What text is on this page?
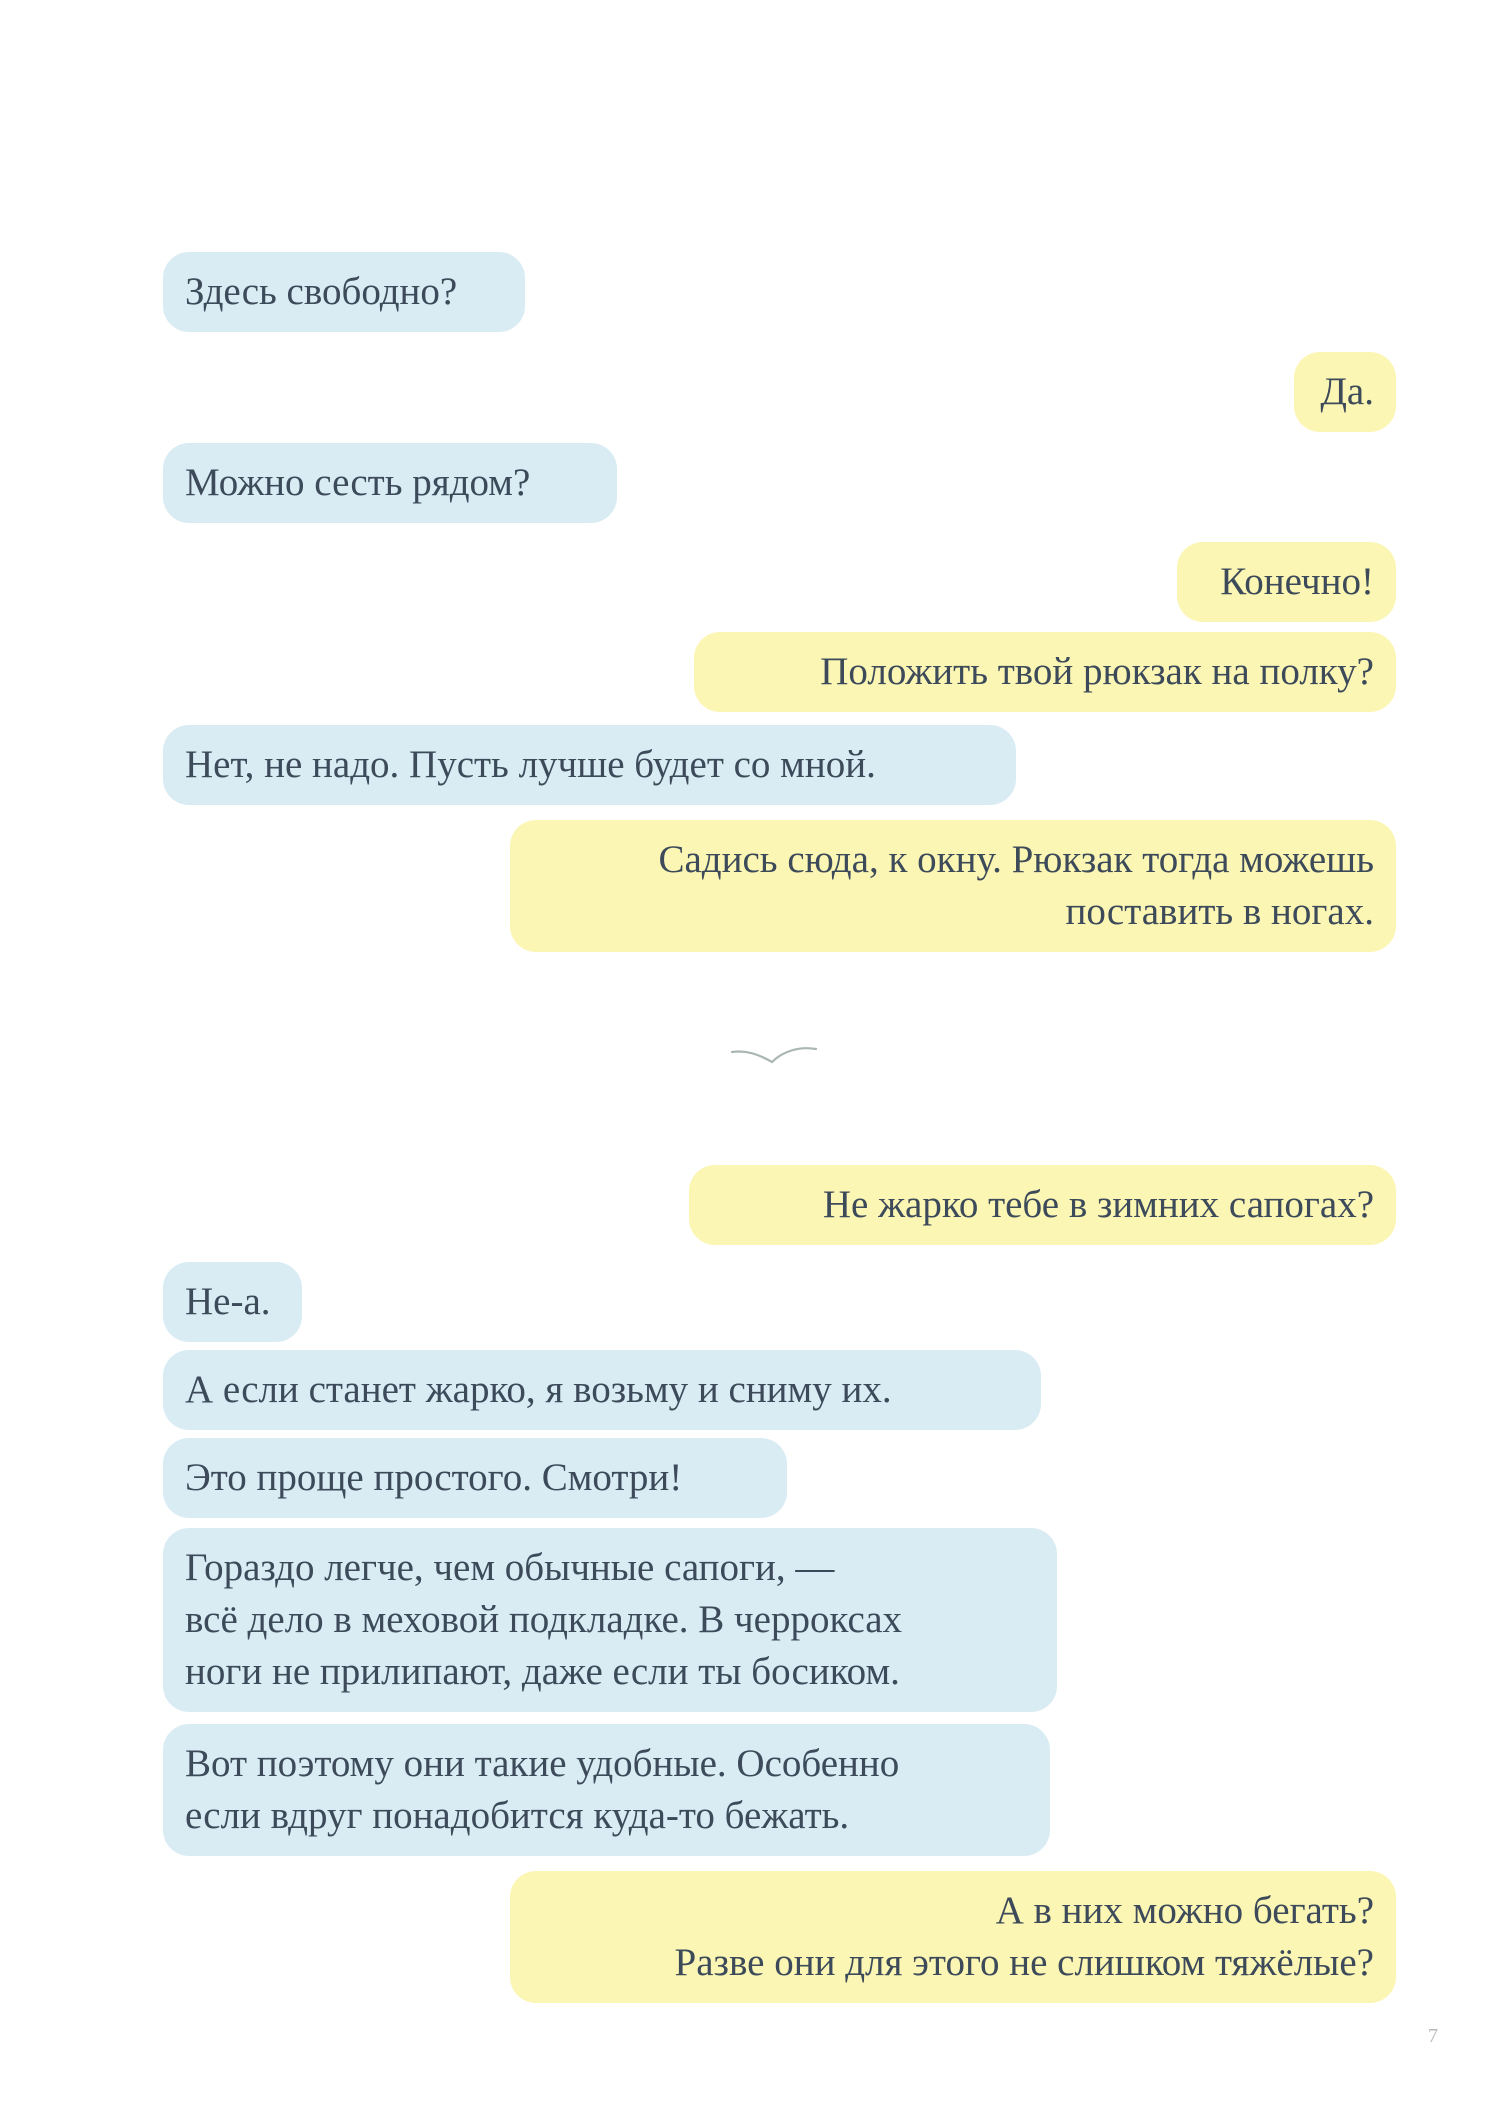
Здесь свободно?
Да.
Можно сесть рядом?
Конечно!
Положить твой рюкзак на полку?
Нет, не надо. Пусть лучше будет со мной.
Садись сюда, к окну. Рюкзак тогда можешь
поставить в ногах.
Не жарко тебе в зимних сапогах?
Не-а.
А если станет жарко, я возьму и сниму их.
Это проще простого. Смотри!
Гораздо легче, чем обычные сапоги, —
всё дело в меховой подкладке. В черроксах
ноги не прилипают, даже если ты босиком.
Вот поэтому они такие удобные. Особенно
если вдруг понадобится куда-то бежать.
А в них можно бегать?
Разве они для этого не слишком тяжёлые?
7
